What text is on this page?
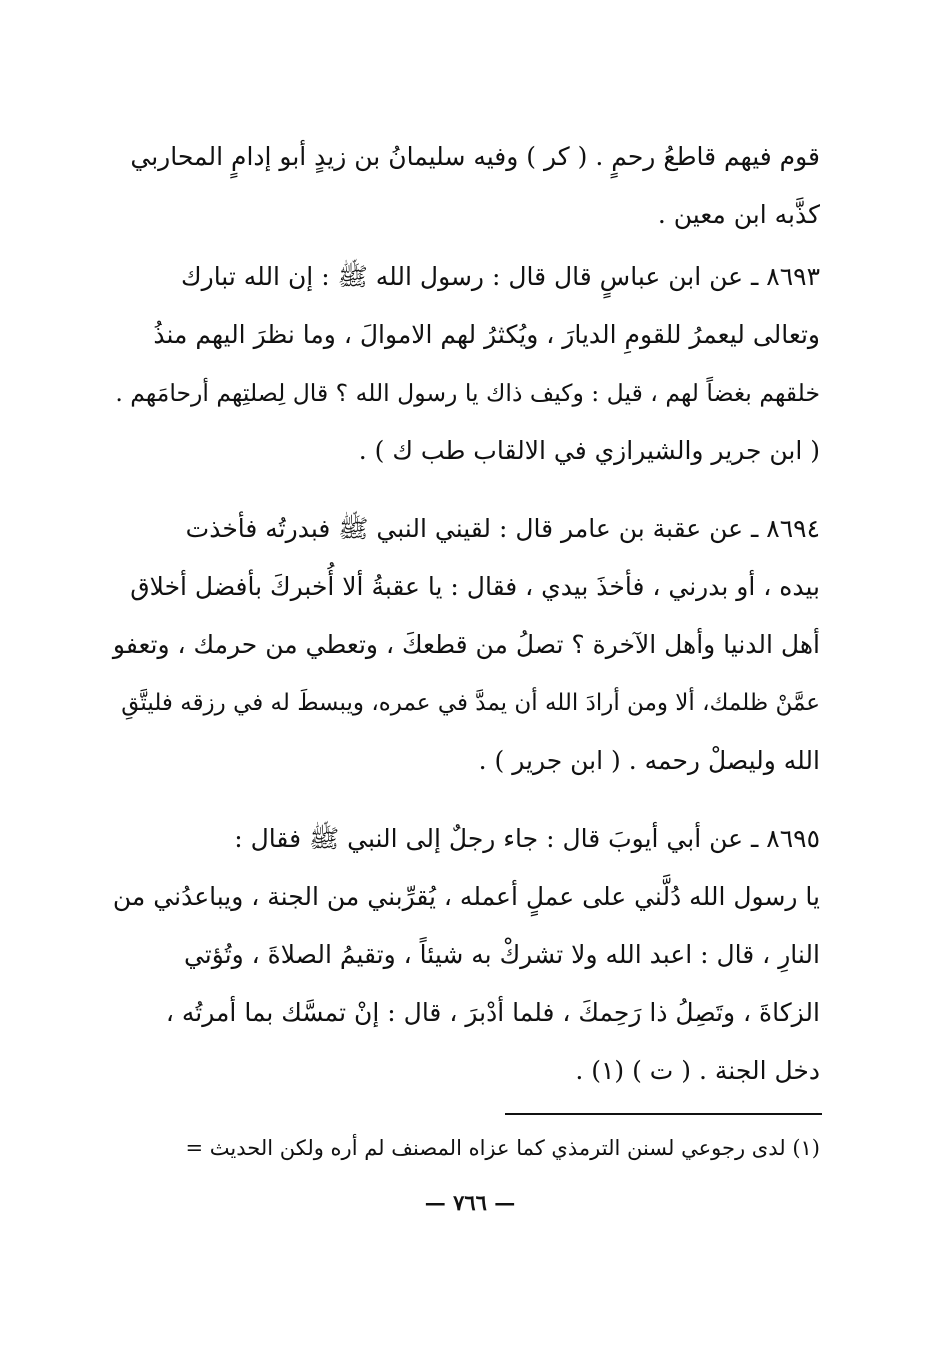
قوم فيهم قاطعُ رحمٍ . ( كر ) وفيه سليمانُ بن زيدٍ أبو إدامٍ المحاربي
كذَّبه ابن معين .
٨٦٩٣ ـ عن ابن عباسٍ قال قال : رسول الله ﷺ : إن الله تبارك
وتعالى ليعمرُ للقومِ الديارَ ، ويُكثرُ لهم الاموالَ ، وما نظرَ اليهم منذُ
خلقهم بغضاً لهم ، قيل : وكيف ذاك يا رسول الله ؟ قال لِصلتِهم أرحامَهم .
( ابن جرير والشيرازي في الالقاب طب ك ) .
٨٦٩٤ ـ عن عقبة بن عامر قال : لقيني النبي ﷺ فبدرتُه فأخذت
بيده ، أو بدرني ، فأخذَ بيدي ، فقال : يا عقبةُ ألا أُخبركَ بأفضل أخلاق
أهل الدنيا وأهل الآخرة ؟ تصلُ من قطعكَ ، وتعطي من حرمك ، وتعفو
عمَّنْ ظلمك، ألا ومن أرادَ الله أن يمدَّ في عمره، ويبسطَ له في رزقه فليتَّقِ
الله وليصلْ رحمه . ( ابن جرير ) .
٨٦٩٥ ـ عن أبي أيوبَ قال : جاء رجلٌ إلى النبي ﷺ فقال :
يا رسول الله دُلَّني على عملٍ أعمله ، يُقرِّبني من الجنة ، ويباعدُني من
النارِ ، قال : اعبد الله ولا تشركْ به شيئاً ، وتقيمُ الصلاةَ ، وتُؤتي
الزكاةَ ، وتَصِلُ ذا رَحِمكَ ، فلما أدْبرَ ، قال : إنْ تمسَّك بما أمرتُه ،
دخل الجنة . ( ت ) (١) .
(١) لدى رجوعي لسنن الترمذي كما عزاه المصنف لم أره ولكن الحديث =
— ٧٦٦ —
